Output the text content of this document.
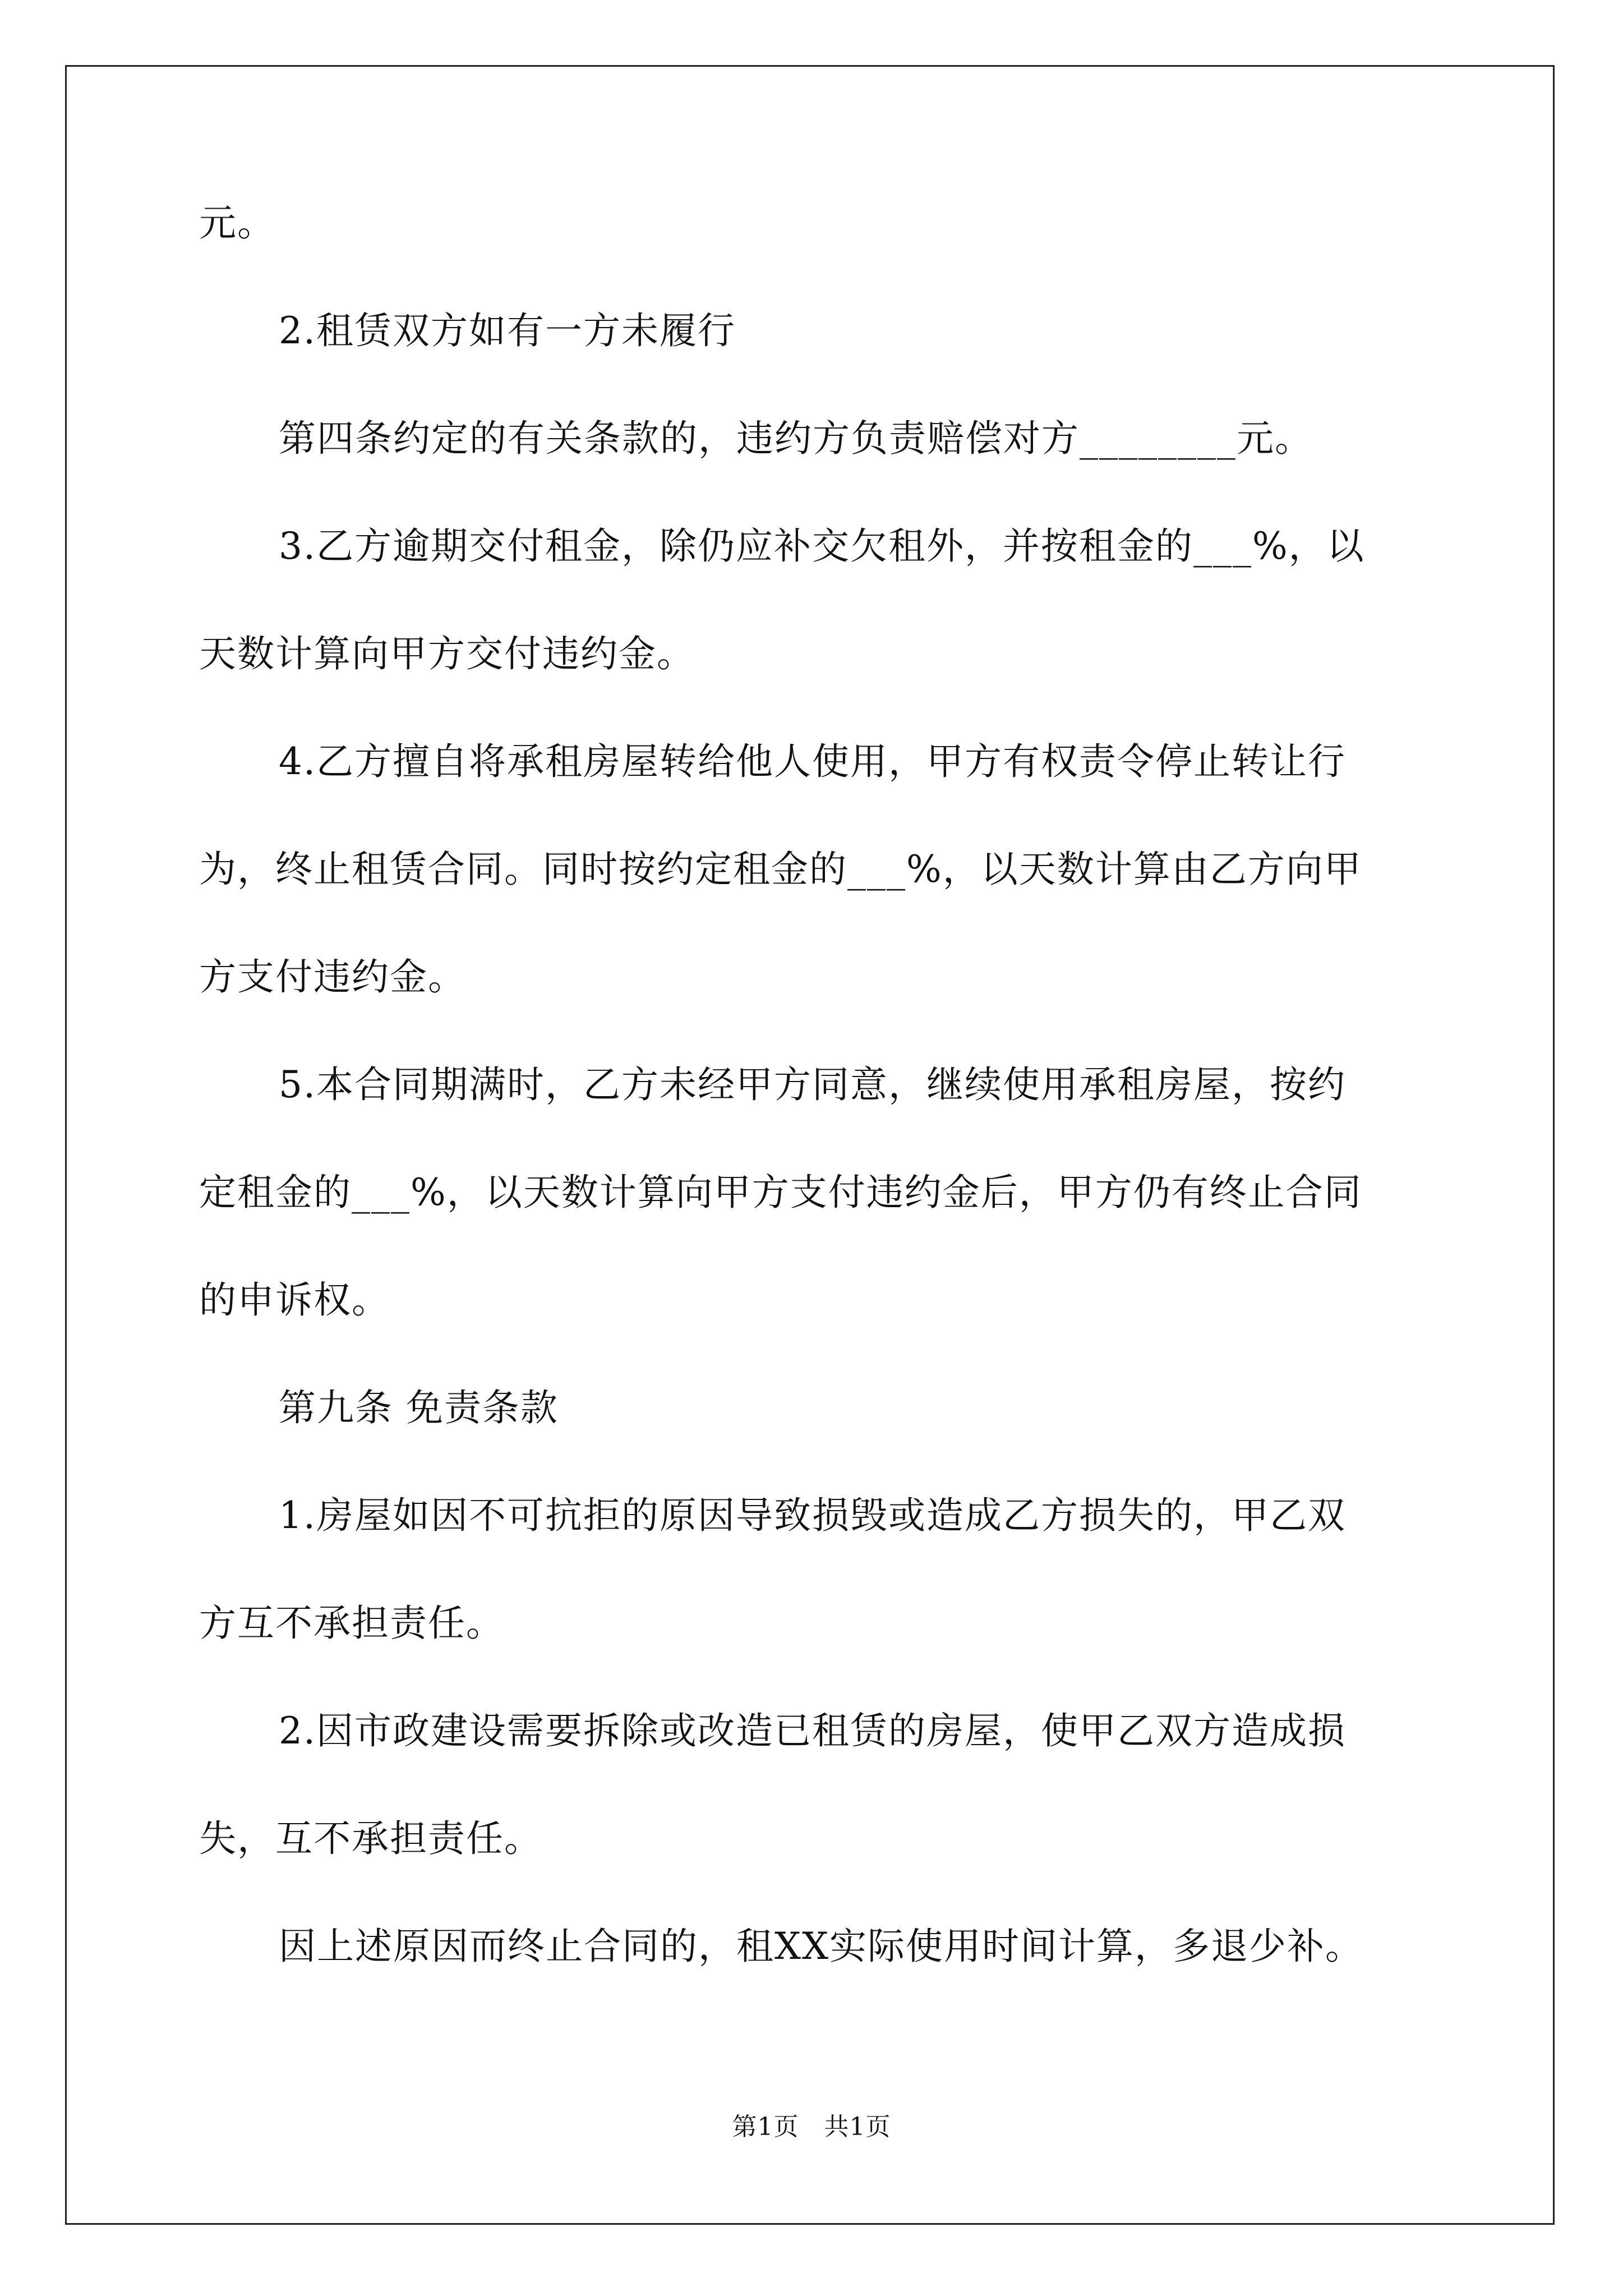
元。
2.租赁双方如有一方未履行
第四条约定的有关条款的，违约方负责赔偿对方________元。
3.乙方逾期交付租金，除仍应补交欠租外，并按租金的___%，以
天数计算向甲方交付违约金。
4.乙方擅自将承租房屋转给他人使用，甲方有权责令停止转让行
为，终止租赁合同。同时按约定租金的___%，以天数计算由乙方向甲
方支付违约金。
5.本合同期满时，乙方未经甲方同意，继续使用承租房屋，按约
定租金的___%，以天数计算向甲方支付违约金后，甲方仍有终止合同
的申诉权。
第九条 免责条款
1.房屋如因不可抗拒的原因导致损毁或造成乙方损失的，甲乙双
方互不承担责任。
2.因市政建设需要拆除或改造已租赁的房屋，使甲乙双方造成损
失，互不承担责任。
因上述原因而终止合同的，租XX实际使用时间计算，多退少补。
第1页　共1页
